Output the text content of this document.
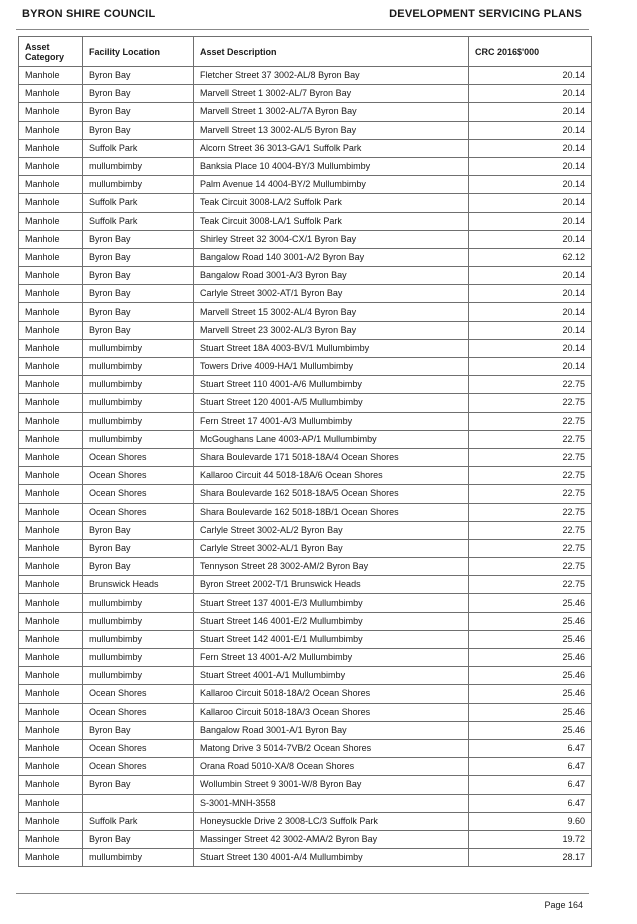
BYRON SHIRE COUNCIL	DEVELOPMENT SERVICING PLANS
Asset Category	Facility Location	Asset Description	CRC 2016$'000
Manhole	Byron Bay	Fletcher Street 37 3002-AL/8 Byron Bay	20.14
Manhole	Byron Bay	Marvell Street 1 3002-AL/7 Byron Bay	20.14
Manhole	Byron Bay	Marvell Street 1 3002-AL/7A Byron Bay	20.14
Manhole	Byron Bay	Marvell Street 13 3002-AL/5 Byron Bay	20.14
Manhole	Suffolk Park	Alcorn Street 36 3013-GA/1 Suffolk Park	20.14
Manhole	mullumbimby	Banksia Place 10 4004-BY/3 Mullumbimby	20.14
Manhole	mullumbimby	Palm Avenue 14 4004-BY/2 Mullumbimby	20.14
Manhole	Suffolk Park	Teak Circuit 3008-LA/2 Suffolk Park	20.14
Manhole	Suffolk Park	Teak Circuit 3008-LA/1 Suffolk Park	20.14
Manhole	Byron Bay	Shirley Street 32 3004-CX/1 Byron Bay	20.14
Manhole	Byron Bay	Bangalow Road 140 3001-A/2 Byron Bay	62.12
Manhole	Byron Bay	Bangalow Road 3001-A/3 Byron Bay	20.14
Manhole	Byron Bay	Carlyle Street 3002-AT/1 Byron Bay	20.14
Manhole	Byron Bay	Marvell Street 15 3002-AL/4 Byron Bay	20.14
Manhole	Byron Bay	Marvell Street 23 3002-AL/3 Byron Bay	20.14
Manhole	mullumbimby	Stuart Street 18A 4003-BV/1 Mullumbimby	20.14
Manhole	mullumbimby	Towers Drive 4009-HA/1 Mullumbimby	20.14
Manhole	mullumbimby	Stuart Street 110 4001-A/6 Mullumbimby	22.75
Manhole	mullumbimby	Stuart Street 120 4001-A/5 Mullumbimby	22.75
Manhole	mullumbimby	Fern Street 17 4001-A/3 Mullumbimby	22.75
Manhole	mullumbimby	McGoughans Lane 4003-AP/1 Mullumbimby	22.75
Manhole	Ocean Shores	Shara Boulevarde 171 5018-18A/4 Ocean Shores	22.75
Manhole	Ocean Shores	Kallaroo Circuit 44 5018-18A/6 Ocean Shores	22.75
Manhole	Ocean Shores	Shara Boulevarde 162 5018-18A/5 Ocean Shores	22.75
Manhole	Ocean Shores	Shara Boulevarde 162 5018-18B/1 Ocean Shores	22.75
Manhole	Byron Bay	Carlyle Street 3002-AL/2 Byron Bay	22.75
Manhole	Byron Bay	Carlyle Street 3002-AL/1 Byron Bay	22.75
Manhole	Byron Bay	Tennyson Street 28 3002-AM/2 Byron Bay	22.75
Manhole	Brunswick Heads	Byron Street 2002-T/1 Brunswick Heads	22.75
Manhole	mullumbimby	Stuart Street 137 4001-E/3 Mullumbimby	25.46
Manhole	mullumbimby	Stuart Street 146 4001-E/2 Mullumbimby	25.46
Manhole	mullumbimby	Stuart Street 142 4001-E/1 Mullumbimby	25.46
Manhole	mullumbimby	Fern Street 13 4001-A/2 Mullumbimby	25.46
Manhole	mullumbimby	Stuart Street 4001-A/1 Mullumbimby	25.46
Manhole	Ocean Shores	Kallaroo Circuit 5018-18A/2 Ocean Shores	25.46
Manhole	Ocean Shores	Kallaroo Circuit 5018-18A/3 Ocean Shores	25.46
Manhole	Byron Bay	Bangalow Road 3001-A/1 Byron Bay	25.46
Manhole	Ocean Shores	Matong Drive 3 5014-7VB/2 Ocean Shores	6.47
Manhole	Ocean Shores	Orana Road 5010-XA/8 Ocean Shores	6.47
Manhole	Byron Bay	Wollumbin Street 9 3001-W/8 Byron Bay	6.47
Manhole		S-3001-MNH-3558	6.47
Manhole	Suffolk Park	Honeysuckle Drive 2 3008-LC/3 Suffolk Park	9.60
Manhole	Byron Bay	Massinger Street 42 3002-AMA/2 Byron Bay	19.72
Manhole	mullumbimby	Stuart Street 130 4001-A/4 Mullumbimby	28.17
Page 164
